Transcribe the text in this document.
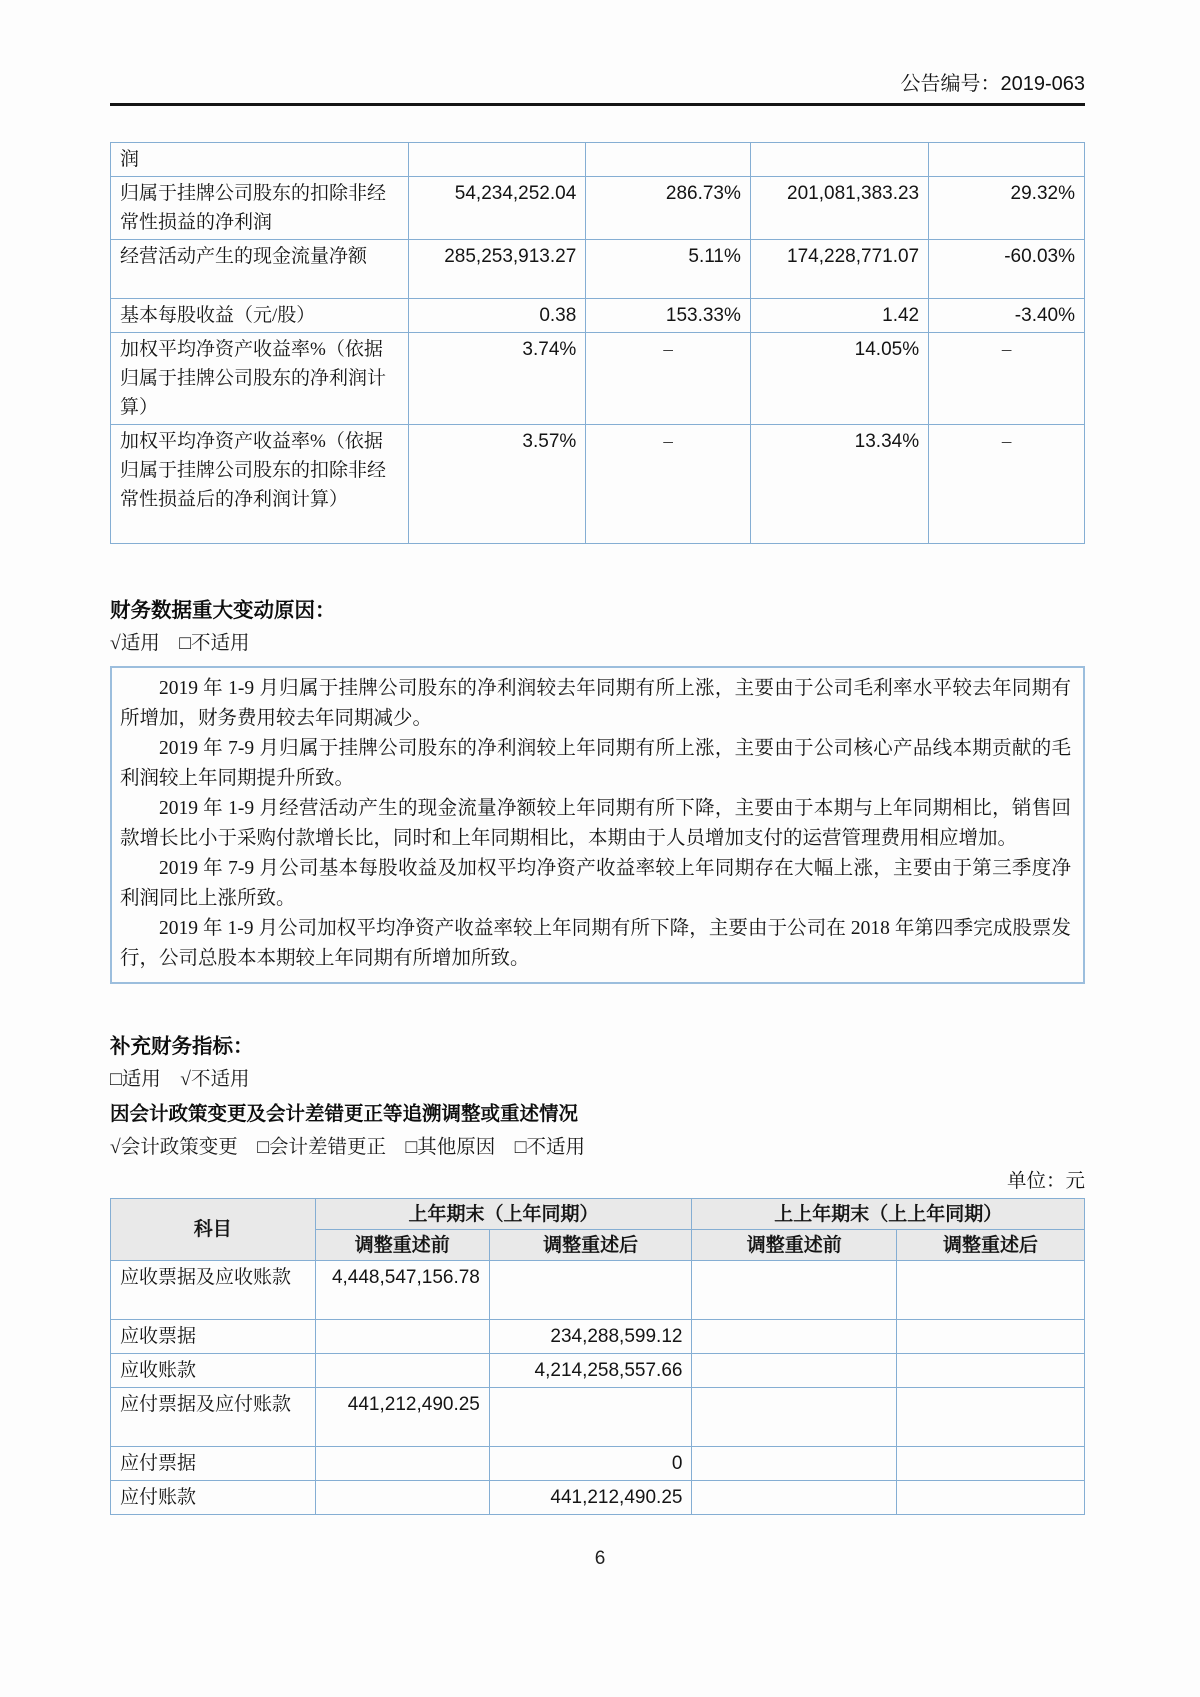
公告编号：2019-063
润				
归属于挂牌公司股东的扣除非经常性损益的净利润	54,234,252.04	286.73%	201,081,383.23	29.32%
经营活动产生的现金流量净额	285,253,913.27	5.11%	174,228,771.07	-60.03%
基本每股收益（元/股）	0.38	153.33%	1.42	-3.40%
加权平均净资产收益率%（依据归属于挂牌公司股东的净利润计算）	3.74%	–	14.05%	–
加权平均净资产收益率%（依据归属于挂牌公司股东的扣除非经常性损益后的净利润计算）	3.57%	–	13.34%	–
财务数据重大变动原因：
√适用　□不适用

2019 年 1-9 月归属于挂牌公司股东的净利润较去年同期有所上涨，主要由于公司毛利率水平较去年同期有所增加，财务费用较去年同期减少。

2019 年 7-9 月归属于挂牌公司股东的净利润较上年同期有所上涨，主要由于公司核心产品线本期贡献的毛利润较上年同期提升所致。

2019 年 1-9 月经营活动产生的现金流量净额较上年同期有所下降，主要由于本期与上年同期相比，销售回款增长比小于采购付款增长比，同时和上年同期相比，本期由于人员增加支付的运营管理费用相应增加。

2019 年 7-9 月公司基本每股收益及加权平均净资产收益率较上年同期存在大幅上涨，主要由于第三季度净利润同比上涨所致。

2019 年 1-9 月公司加权平均净资产收益率较上年同期有所下降，主要由于公司在 2018 年第四季完成股票发行，公司总股本本期较上年同期有所增加所致。

补充财务指标：
□适用　√不适用
因会计政策变更及会计差错更正等追溯调整或重述情况
√会计政策变更　□会计差错更正　□其他原因　□不适用
单位：元
科目	上年期末（上年同期）		上上年期末（上上年同期）	
	调整重述前	调整重述后	调整重述前	调整重述后
应收票据及应收账款	4,448,547,156.78			
应收票据		234,288,599.12		
应收账款		4,214,258,557.66		
应付票据及应付账款	441,212,490.25			
应付票据		0		
应付账款		441,212,490.25		
6
